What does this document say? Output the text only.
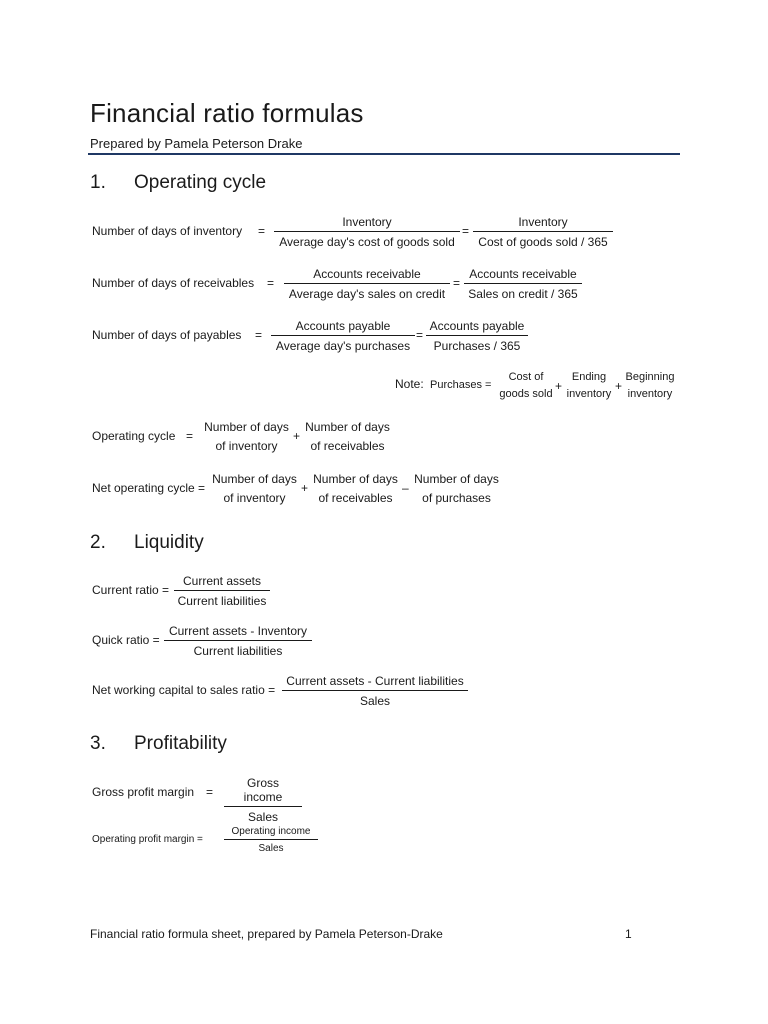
Financial ratio formulas
Prepared by Pamela Peterson Drake
1. Operating cycle
Number of days of inventory =
Inventory
Average day's cost of goods sold
=
Inventory
Cost of goods sold / 365
Number of days of receivables =
Accounts receivable
Average day's sales on credit
=
Accounts receivable
Sales on credit / 365
Number of days of payables =
Accounts payable
Average day's purchases
=
Accounts payable
Purchases / 365
Note: Purchases =
Cost of
goods sold
+
Ending
inventory
+
Beginning
inventory
Operating cycle =
Number of days
of inventory
+
Number of days
of receivables
Net operating cycle =
Number of days
of inventory
+
Number of days
of receivables
–
Number of days
of purchases
2. Liquidity
Current ratio =
Current assets
Current liabilities
Quick ratio =
Current assets - Inventory
Current liabilities
Net working capital to sales ratio =
Current assets - Current liabilities
Sales
3. Profitability
Gross profit margin =
Gross income
Sales
Operating profit margin =
Operating income
Sales
Financial ratio formula sheet, prepared by Pamela Peterson-Drake	1
